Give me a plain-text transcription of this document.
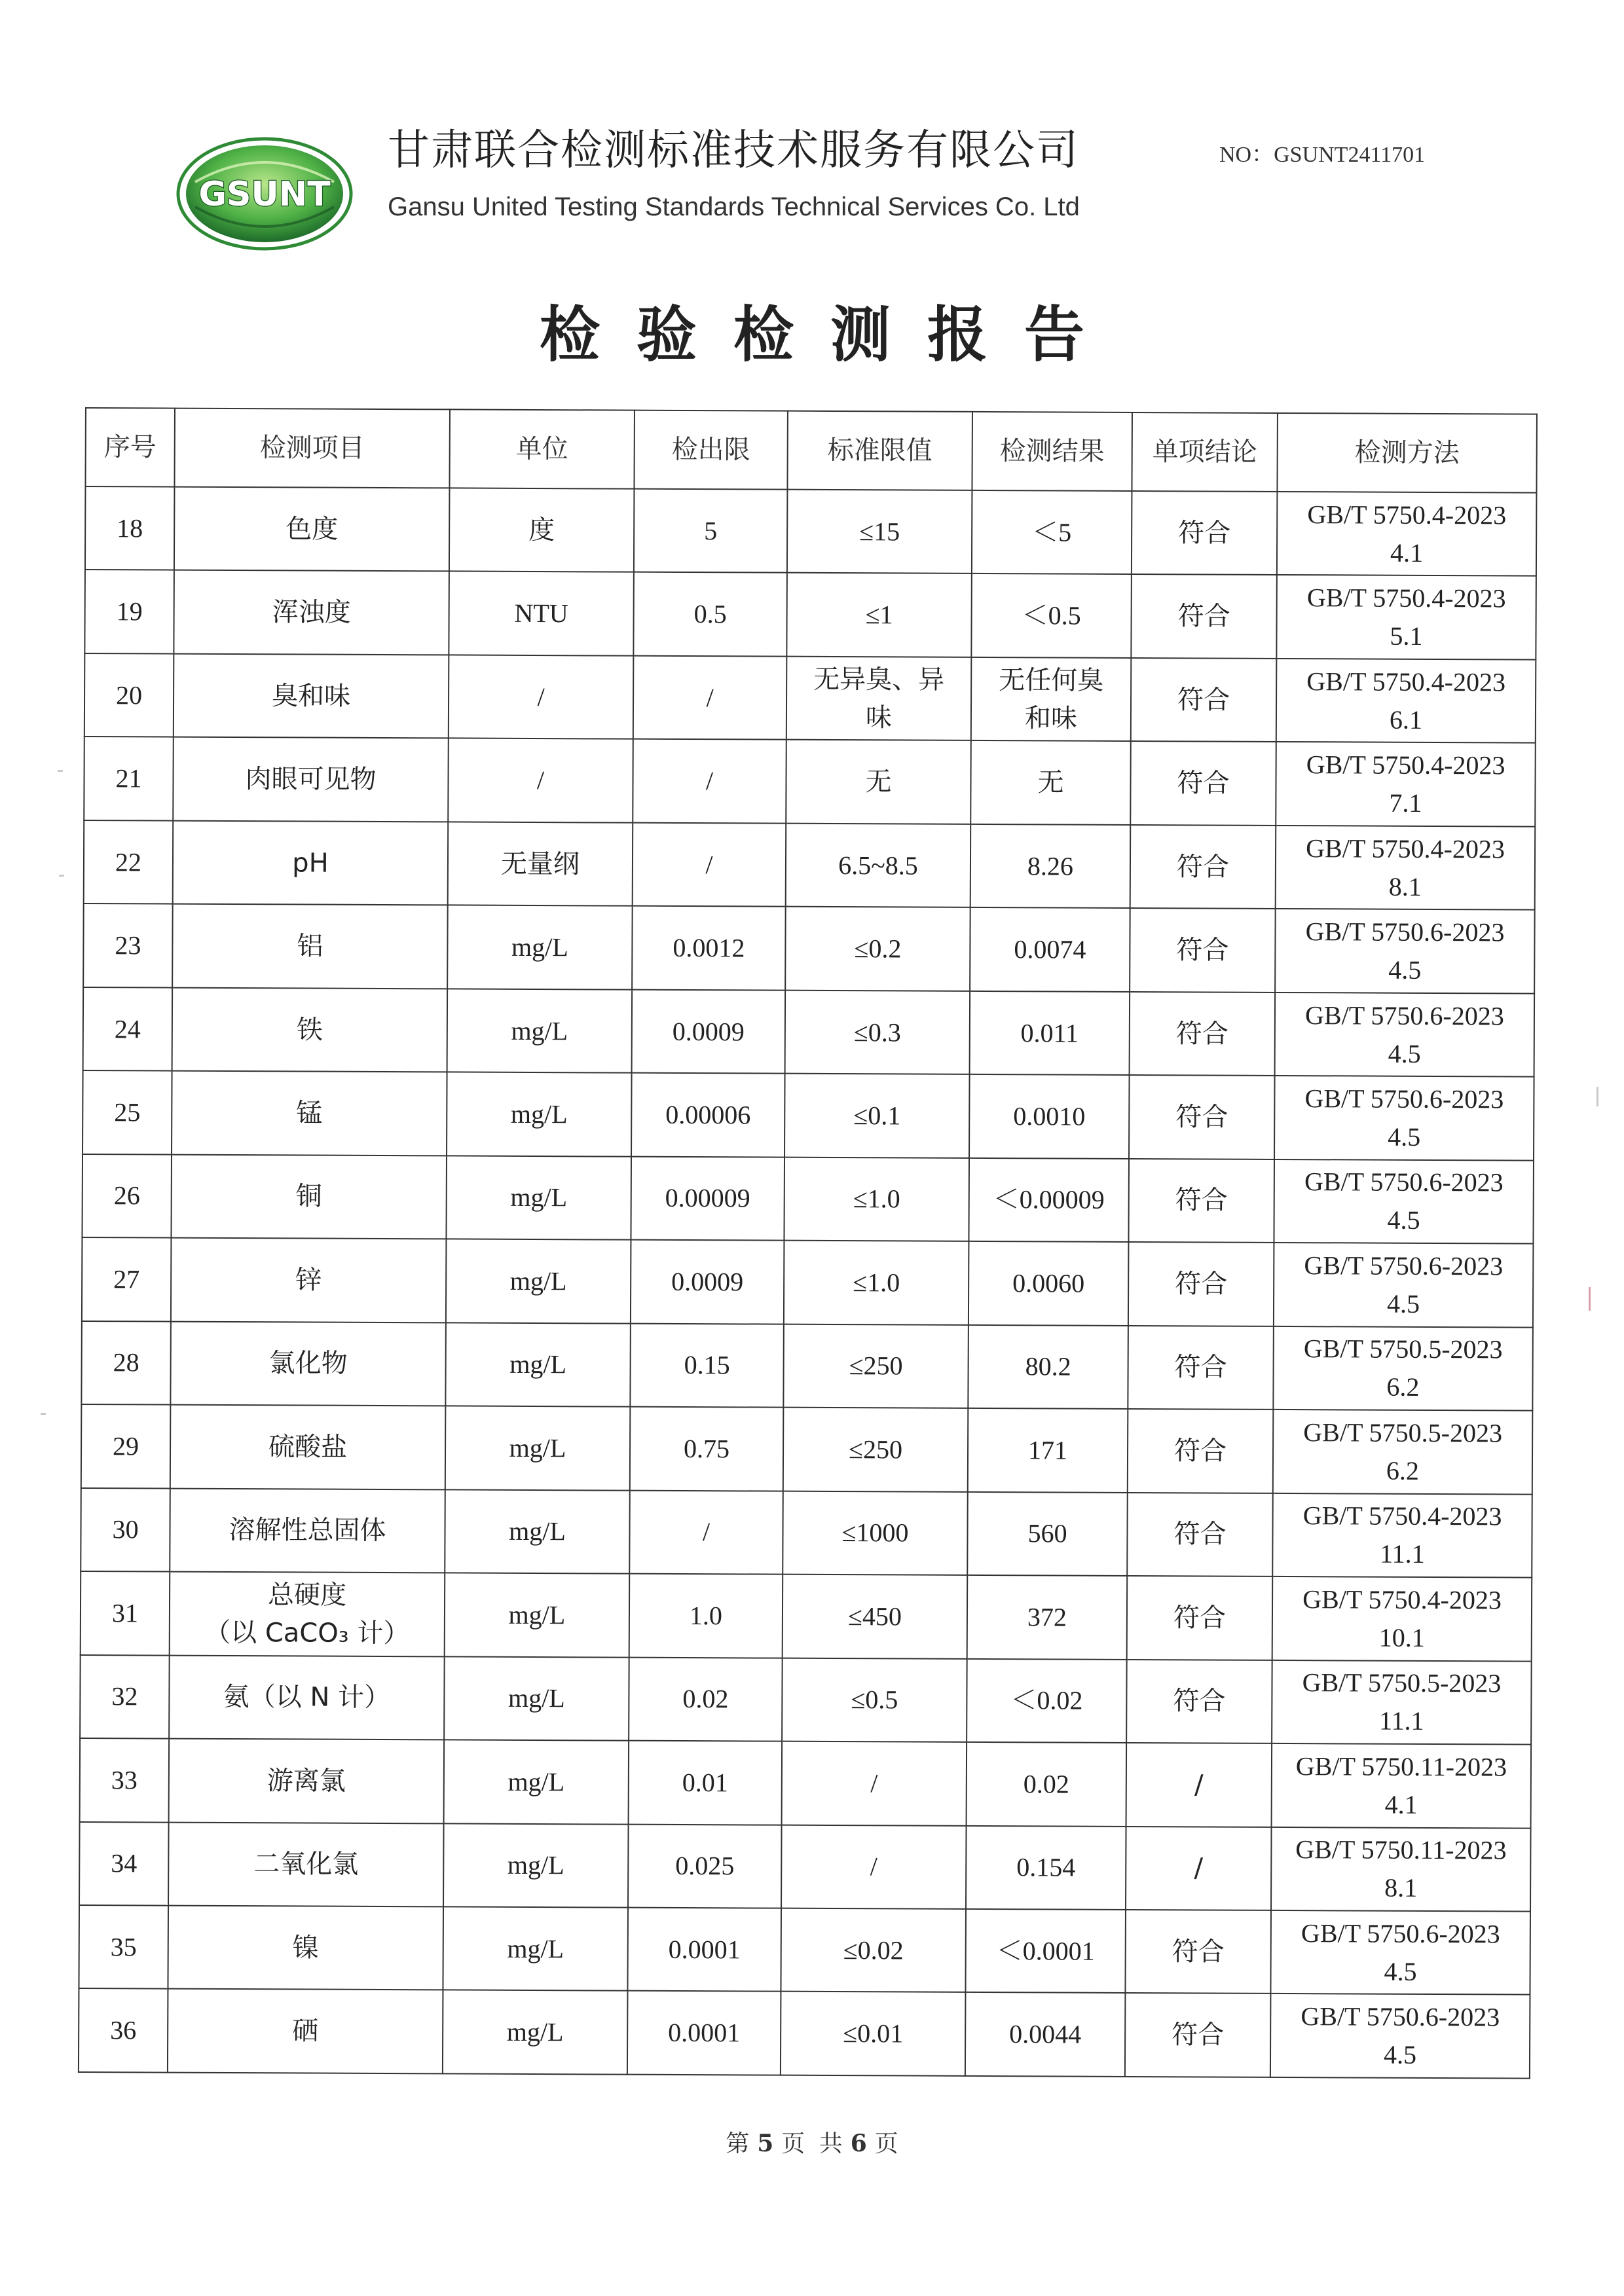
GSUNT
甘肃联合检测标准技术服务有限公司
Gansu United Testing Standards Technical Services Co. Ltd
NO：GSUNT2411701
检验检测报告
序号	检测项目	单位	检出限	标准限值	检测结果	单项结论	检测方法
18	色度	度	5	≤15	＜5	符合	GB/T 5750.4-2023
4.1

19	浑浊度	NTU	0.5	≤1	＜0.5	符合	GB/T 5750.4-2023
5.1

20	臭和味	/	/	无异臭、异味	无任何臭和味	符合	GB/T 5750.4-2023
6.1

21	肉眼可见物	/	/	无	无	符合	GB/T 5750.4-2023
7.1

22	pH	无量纲	/	6.5~8.5	8.26	符合	GB/T 5750.4-2023
8.1

23	铝	mg/L	0.0012	≤0.2	0.0074	符合	GB/T 5750.6-2023
4.5

24	铁	mg/L	0.0009	≤0.3	0.011	符合	GB/T 5750.6-2023
4.5

25	锰	mg/L	0.00006	≤0.1	0.0010	符合	GB/T 5750.6-2023
4.5

26	铜	mg/L	0.00009	≤1.0	＜0.00009	符合	GB/T 5750.6-2023
4.5

27	锌	mg/L	0.0009	≤1.0	0.0060	符合	GB/T 5750.6-2023
4.5

28	氯化物	mg/L	0.15	≤250	80.2	符合	GB/T 5750.5-2023
6.2

29	硫酸盐	mg/L	0.75	≤250	171	符合	GB/T 5750.5-2023
6.2

30	溶解性总固体	mg/L	/	≤1000	560	符合	GB/T 5750.4-2023
11.1

31	总硬度
（以 CaCO₃ 计）	mg/L	1.0	≤450	372	符合	GB/T 5750.4-2023
10.1

32	氨（以 N 计）	mg/L	0.02	≤0.5	＜0.02	符合	GB/T 5750.5-2023
11.1

33	游离氯	mg/L	0.01	/	0.02	/	GB/T 5750.11-2023
4.1

34	二氧化氯	mg/L	0.025	/	0.154	/	GB/T 5750.11-2023
8.1

35	镍	mg/L	0.0001	≤0.02	＜0.0001	符合	GB/T 5750.6-2023
4.5

36	硒	mg/L	0.0001	≤0.01	0.0044	符合	GB/T 5750.6-2023
4.5
第 5 页 共 6 页
